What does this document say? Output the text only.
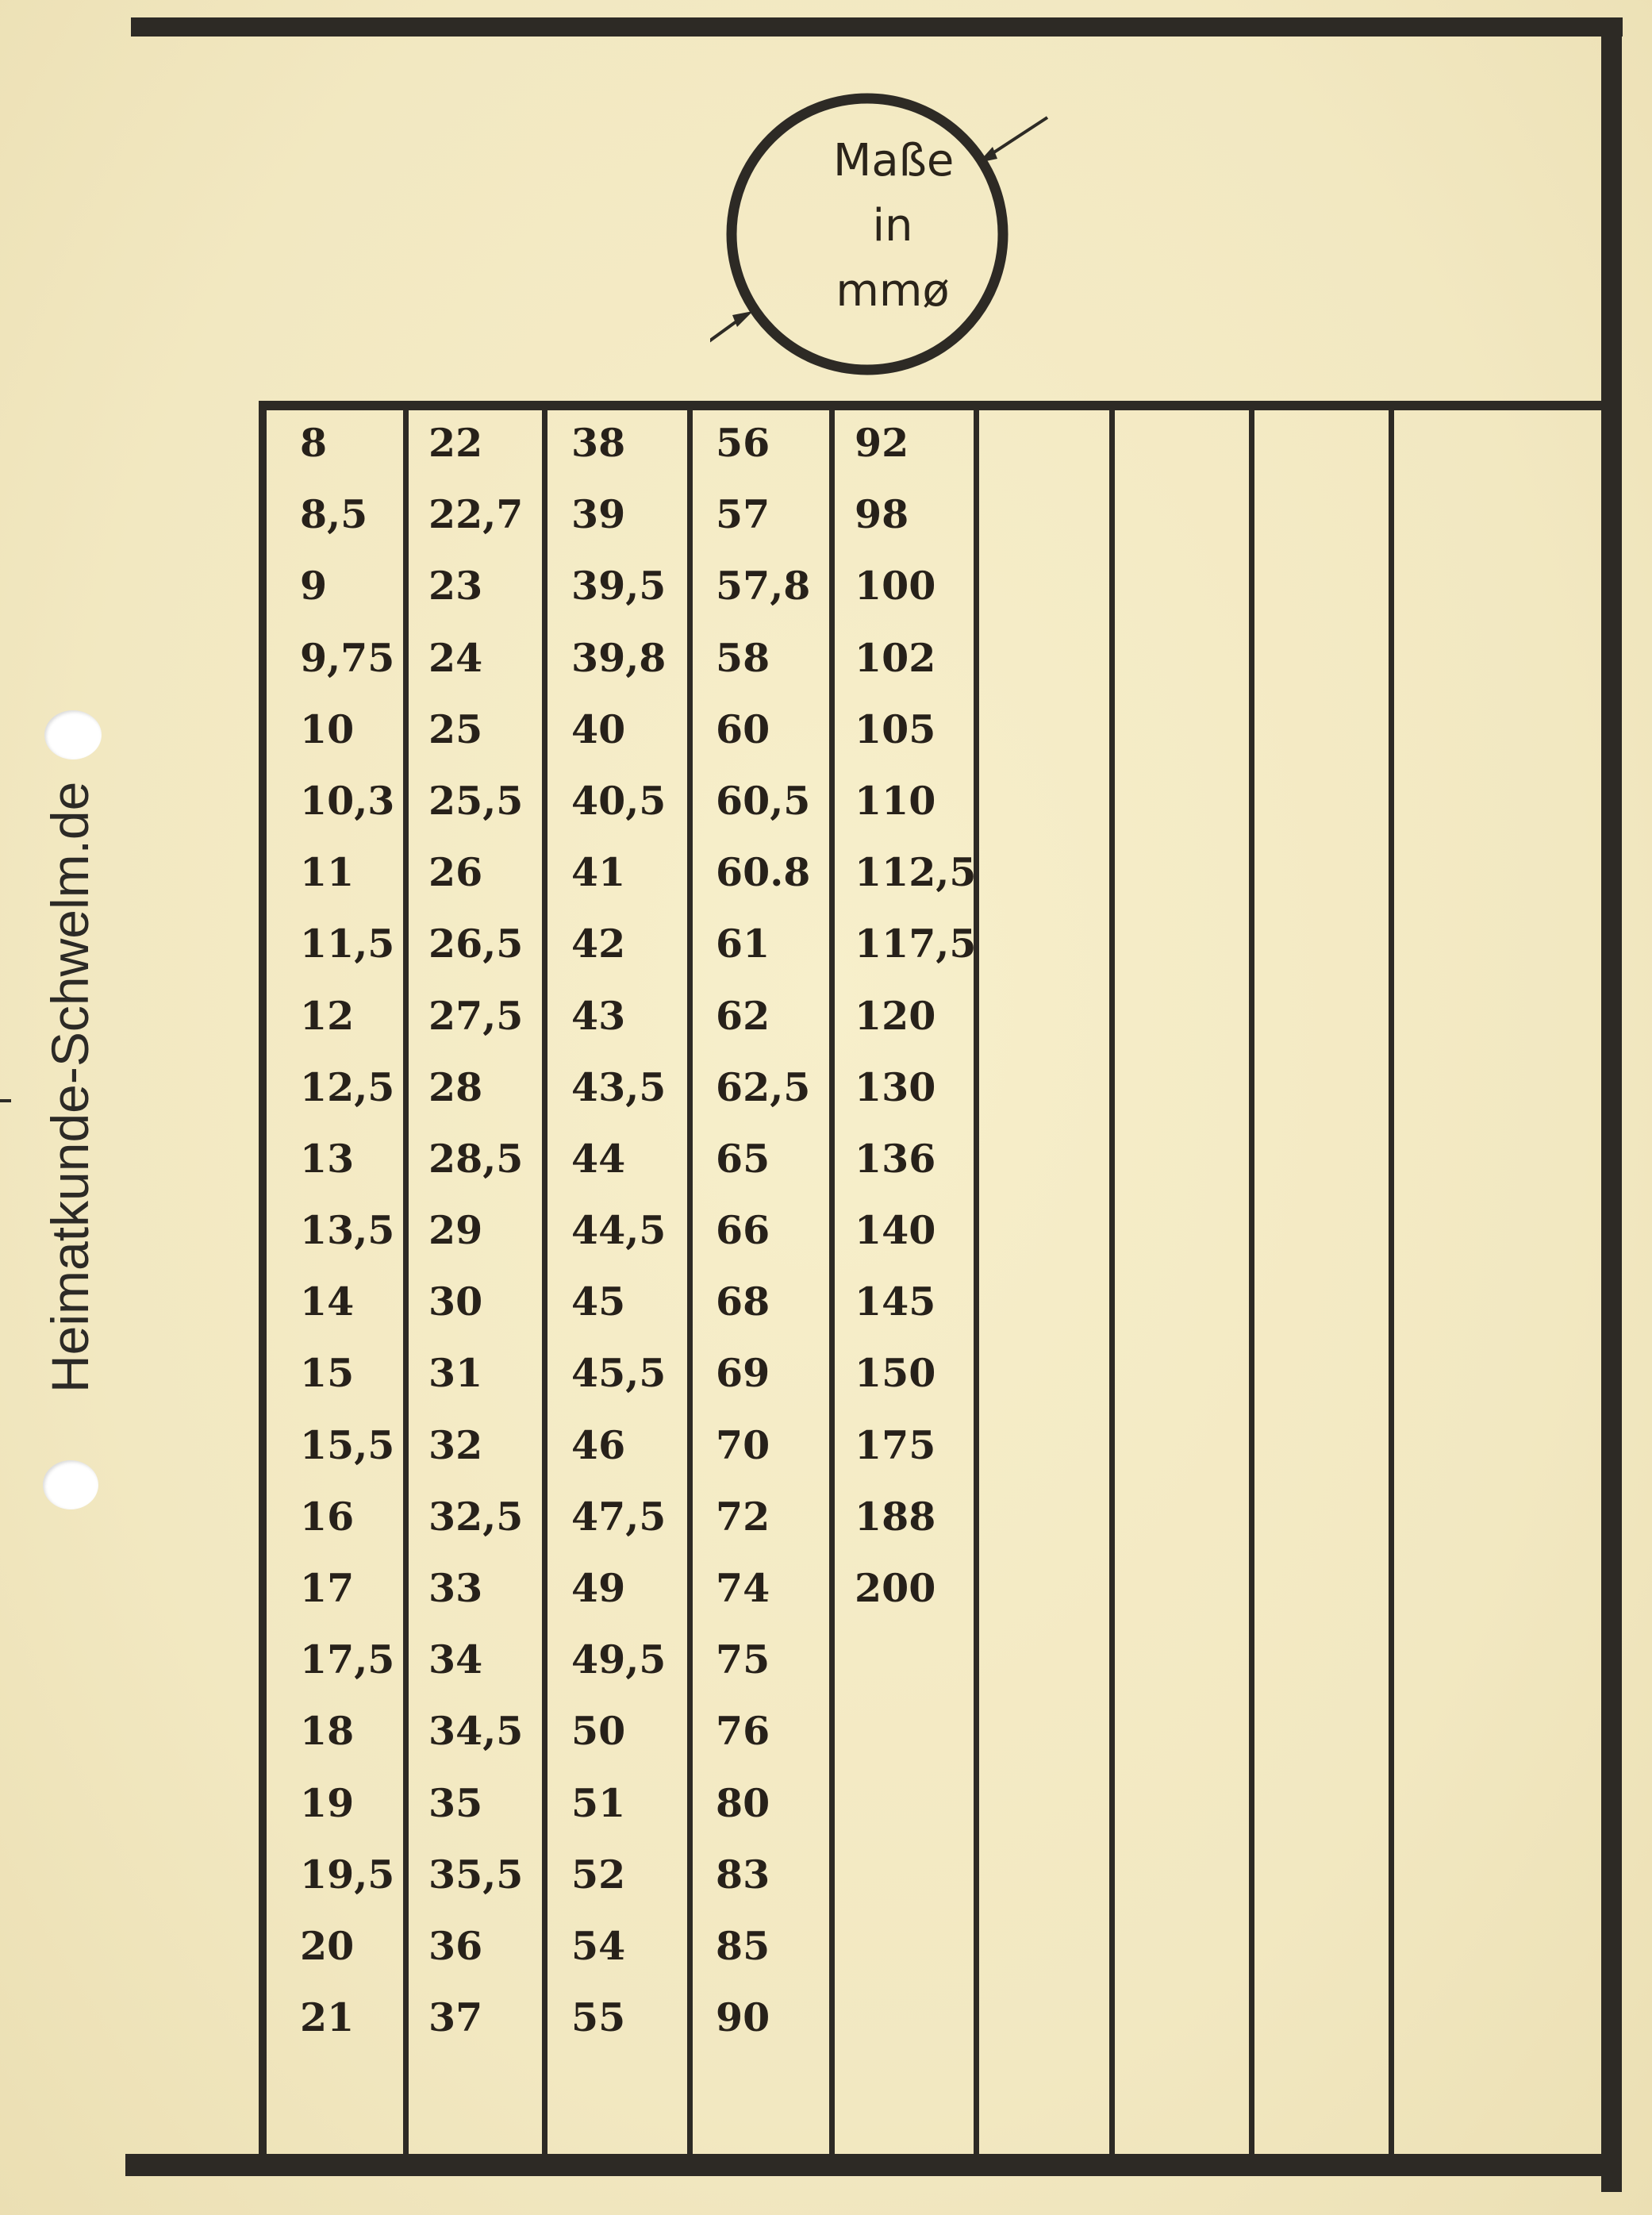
Maße
in
mmø
8
8,5
9
9,75
10
10,3
11
11,5
12
12,5
13
13,5
14
15
15,5
16
17
17,5
18
19
19,5
20
21
22
22,7
23
24
25
25,5
26
26,5
27,5
28
28,5
29
30
31
32
32,5
33
34
34,5
35
35,5
36
37
38
39
39,5
39,8
40
40,5
41
42
43
43,5
44
44,5
45
45,5
46
47,5
49
49,5
50
51
52
54
55
56
57
57,8
58
60
60,5
60.8
61
62
62,5
65
66
68
69
70
72
74
75
76
80
83
85
90
92
98
100
102
105
110
112,5
117,5
120
130
136
140
145
150
175
188
200
Heimatkunde-Schwelm.de
